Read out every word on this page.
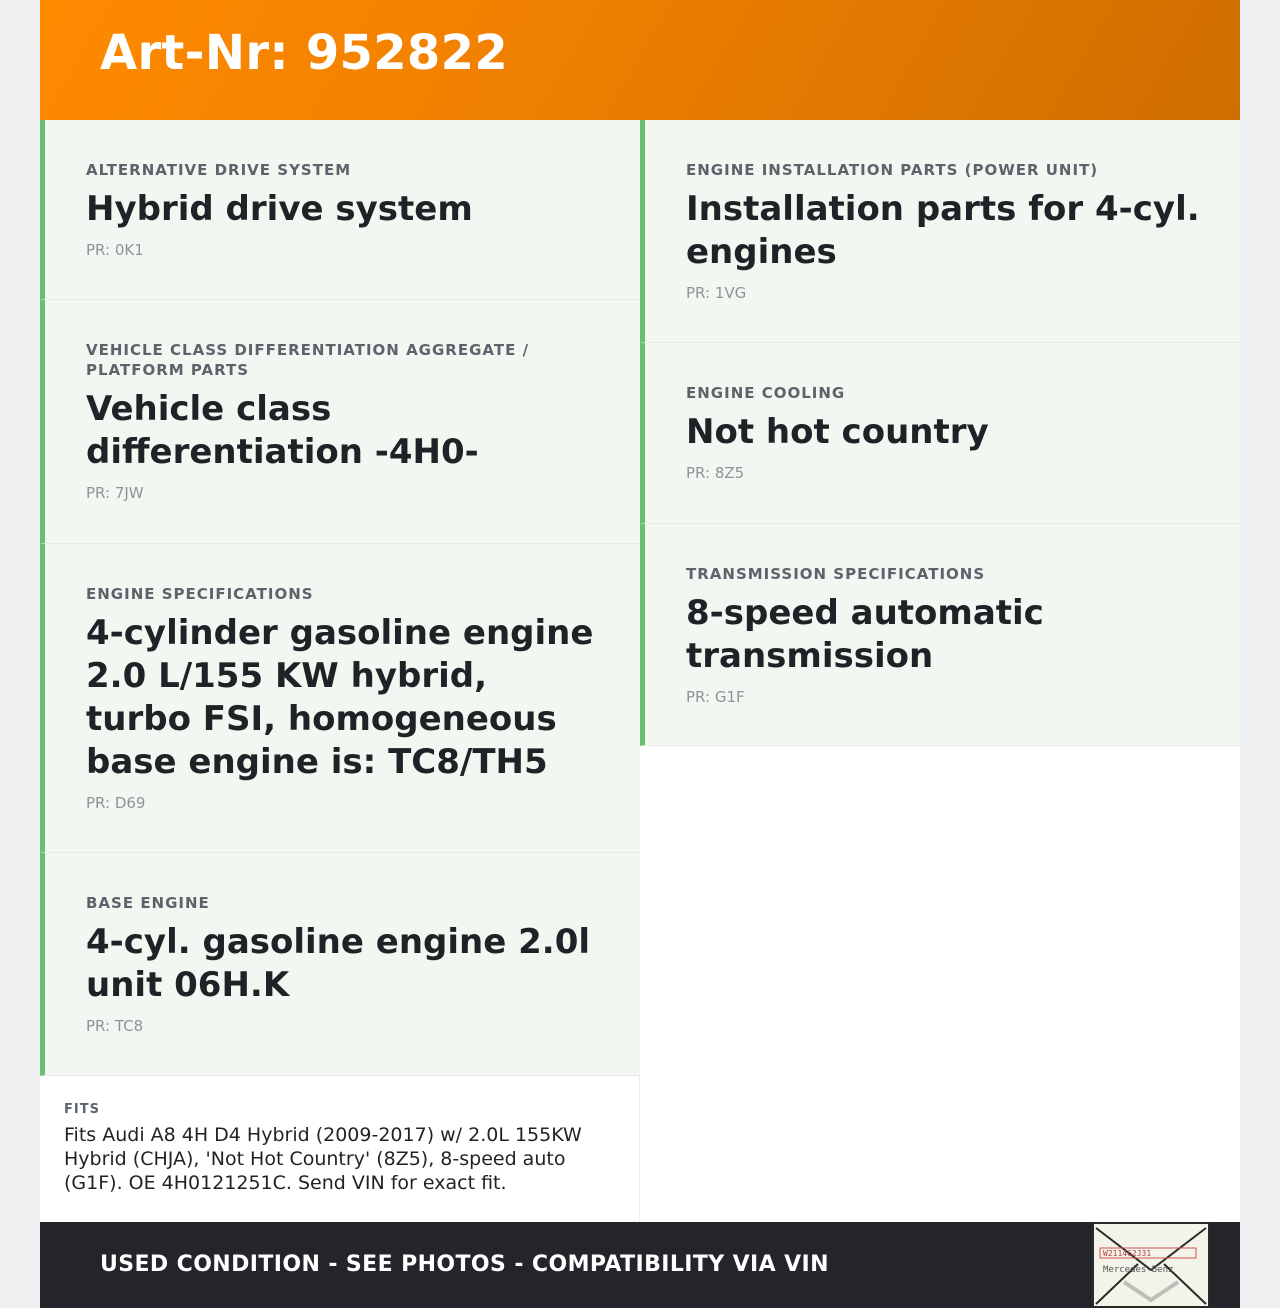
Art-Nr: 952822
ALTERNATIVE DRIVE SYSTEM
Hybrid drive system
PR: 0K1
VEHICLE CLASS DIFFERENTIATION AGGREGATE / PLATFORM PARTS
Vehicle class differentiation -4H0-
PR: 7JW
ENGINE SPECIFICATIONS
4-cylinder gasoline engine 2.0 L/155 KW hybrid, turbo FSI, homogeneous base engine is: TC8/TH5
PR: D69
BASE ENGINE
4-cyl. gasoline engine 2.0l unit 06H.K
PR: TC8
ENGINE INSTALLATION PARTS (POWER UNIT)
Installation parts for 4-cyl. engines
PR: 1VG
ENGINE COOLING
Not hot country
PR: 8Z5
TRANSMISSION SPECIFICATIONS
8-speed automatic transmission
PR: G1F
FITS
Fits Audi A8 4H D4 Hybrid (2009-2017) w/ 2.0L 155KW Hybrid (CHJA), 'Not Hot Country' (8Z5), 8-speed auto (G1F). OE 4H0121251C. Send VIN for exact fit.
USED CONDITION - SEE PHOTOS - COMPATIBILITY VIA VIN	W211462J31
Mercedes-Benz
